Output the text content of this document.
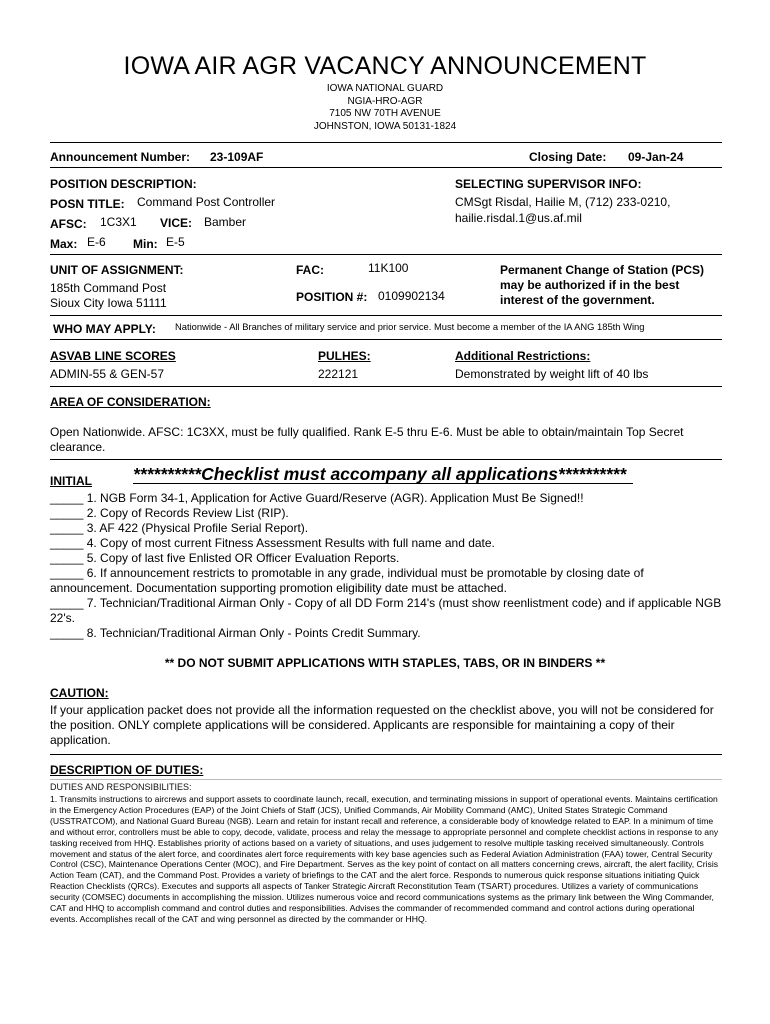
IOWA AIR AGR VACANCY ANNOUNCEMENT
IOWA NATIONAL GUARD
NGIA-HRO-AGR
7105 NW 70TH AVENUE
JOHNSTON, IOWA 50131-1824
Announcement Number: 23-109AF	Closing Date: 09-Jan-24
POSITION DESCRIPTION:
POSN TITLE: Command Post Controller
AFSC: 1C3X1 VICE: Bamber
Max: E-6 Min: E-5
SELECTING SUPERVISOR INFO:
CMSgt Risdal, Hailie M, (712) 233-0210,
hailie.risdal.1@us.af.mil
UNIT OF ASSIGNMENT:
185th Command Post
Sioux City Iowa 51111
FAC:	11K100
POSITION #: 0109902134
Permanent Change of Station (PCS)
may be authorized if in the best
interest of the government.
WHO MAY APPLY: Nationwide - All Branches of military service and prior service. Must become a member of the IA ANG 185th Wing
ASVAB LINE SCORES
ADMIN-55 & GEN-57
PULHES:
222121
Additional Restrictions:
Demonstrated by weight lift of 40 lbs
AREA OF CONSIDERATION:
Open Nationwide. AFSC: 1C3XX, must be fully qualified. Rank E-5 thru E-6. Must be able to obtain/maintain Top Secret clearance.
INITIAL **********Checklist must accompany all applications**********
_____ 1. NGB Form 34-1, Application for Active Guard/Reserve (AGR). Application Must Be Signed!!
_____ 2. Copy of Records Review List (RIP).
_____ 3. AF 422 (Physical Profile Serial Report).
_____ 4. Copy of most current Fitness Assessment Results with full name and date.
_____ 5. Copy of last five Enlisted OR Officer Evaluation Reports.
_____ 6. If announcement restricts to promotable in any grade, individual must be promotable by closing date of announcement. Documentation supporting promotion eligibility date must be attached.
_____ 7. Technician/Traditional Airman Only - Copy of all DD Form 214's (must show reenlistment code) and if applicable NGB 22's.
_____ 8. Technician/Traditional Airman Only - Points Credit Summary.
** DO NOT SUBMIT APPLICATIONS WITH STAPLES, TABS, OR IN BINDERS **
CAUTION:
If your application packet does not provide all the information requested on the checklist above, you will not be considered for the position. ONLY complete applications will be considered. Applicants are responsible for maintaining a copy of their application.
DESCRIPTION OF DUTIES:
DUTIES AND RESPONSIBILITIES:
1. Transmits instructions to aircrews and support assets to coordinate launch, recall, execution, and terminating missions in support of operational events. Maintains certification in the Emergency Action Procedures (EAP) of the Joint Chiefs of Staff (JCS), Unified Commands, Air Mobility Command (AMC), United States Strategic Command (USSTRATCOM), and National Guard Bureau (NGB). Learn and retain for instant recall and reference, a considerable body of knowledge related to EAP. In a minimum of time and without error, controllers must be able to copy, decode, validate, process and relay the message to appropriate personnel and complete checklist actions in response to any tasking received from HHQ. Establishes priority of actions based on a variety of situations, and uses judgement to resolve multiple tasking received simultaneously. Controls movement and status of the alert force, and coordinates alert force requirements with key base agencies such as Federal Aviation Administration (FAA) tower, Central Security Control (CSC), Maintenance Operations Center (MOC), and Fire Department. Serves as the key point of contact on all matters concerning crews, aircraft, the alert facility, Crisis Action Team (CAT), and the Command Post. Provides a variety of briefings to the CAT and the alert force. Responds to numerous quick response situations initiating Quick Reaction Checklists (QRCs). Executes and supports all aspects of Tanker Strategic Aircraft Reconstitution Team (TSART) procedures. Utilizes a variety of communications security (COMSEC) documents in accomplishing the mission. Utilizes numerous voice and record communications systems as the primary link between the Wing Commander, CAT and HHQ to accomplish command and control duties and responsibilities. Advises the commander of recommended command and control actions during operational events. Accomplishes recall of the CAT and wing personnel as directed by the commander or HHQ.
